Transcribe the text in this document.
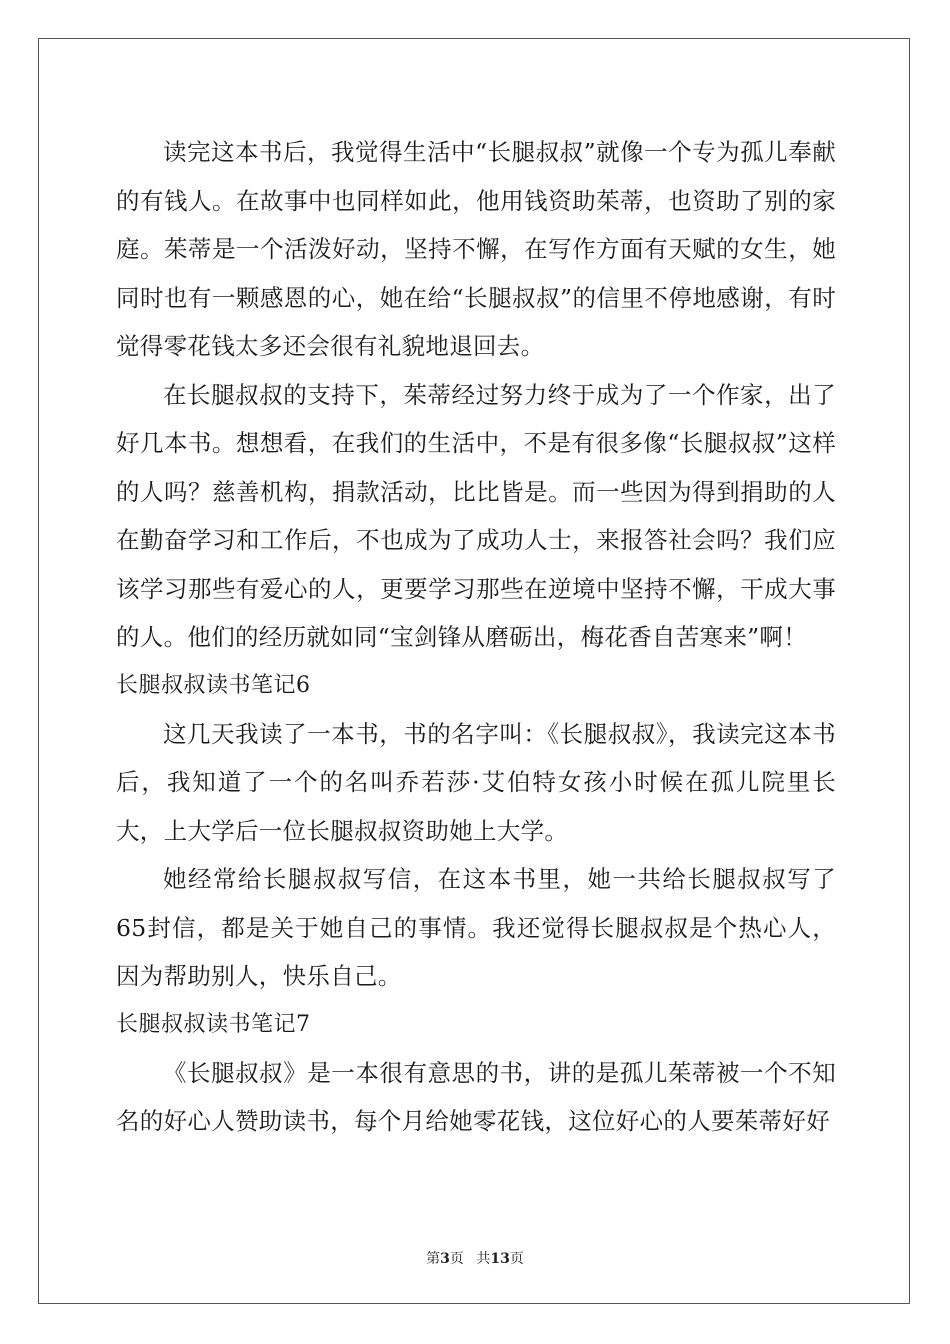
读完这本书后，我觉得生活中“长腿叔叔”就像一个专为孤儿奉献的有钱人。在故事中也同样如此，他用钱资助茱蒂，也资助了别的家庭。茱蒂是一个活泼好动，坚持不懈，在写作方面有天赋的女生，她同时也有一颗感恩的心，她在给“长腿叔叔”的信里不停地感谢，有时觉得零花钱太多还会很有礼貌地退回去。

在长腿叔叔的支持下，茱蒂经过努力终于成为了一个作家，出了好几本书。想想看，在我们的生活中，不是有很多像“长腿叔叔”这样的人吗？慈善机构，捐款活动，比比皆是。而一些因为得到捐助的人在勤奋学习和工作后，不也成为了成功人士，来报答社会吗？我们应该学习那些有爱心的人，更要学习那些在逆境中坚持不懈，干成大事的人。他们的经历就如同“宝剑锋从磨砺出，梅花香自苦寒来”啊！

长腿叔叔读书笔记6

这几天我读了一本书，书的名字叫：《长腿叔叔》，我读完这本书后，我知道了一个的名叫乔若莎·艾伯特女孩小时候在孤儿院里长大，上大学后一位长腿叔叔资助她上大学。

她经常给长腿叔叔写信，在这本书里，她一共给长腿叔叔写了65封信，都是关于她自己的事情。我还觉得长腿叔叔是个热心人，因为帮助别人，快乐自己。

长腿叔叔读书笔记7

《长腿叔叔》是一本很有意思的书，讲的是孤儿茱蒂被一个不知名的好心人赞助读书，每个月给她零花钱，这位好心的人要茱蒂好好

第3页 共13页
